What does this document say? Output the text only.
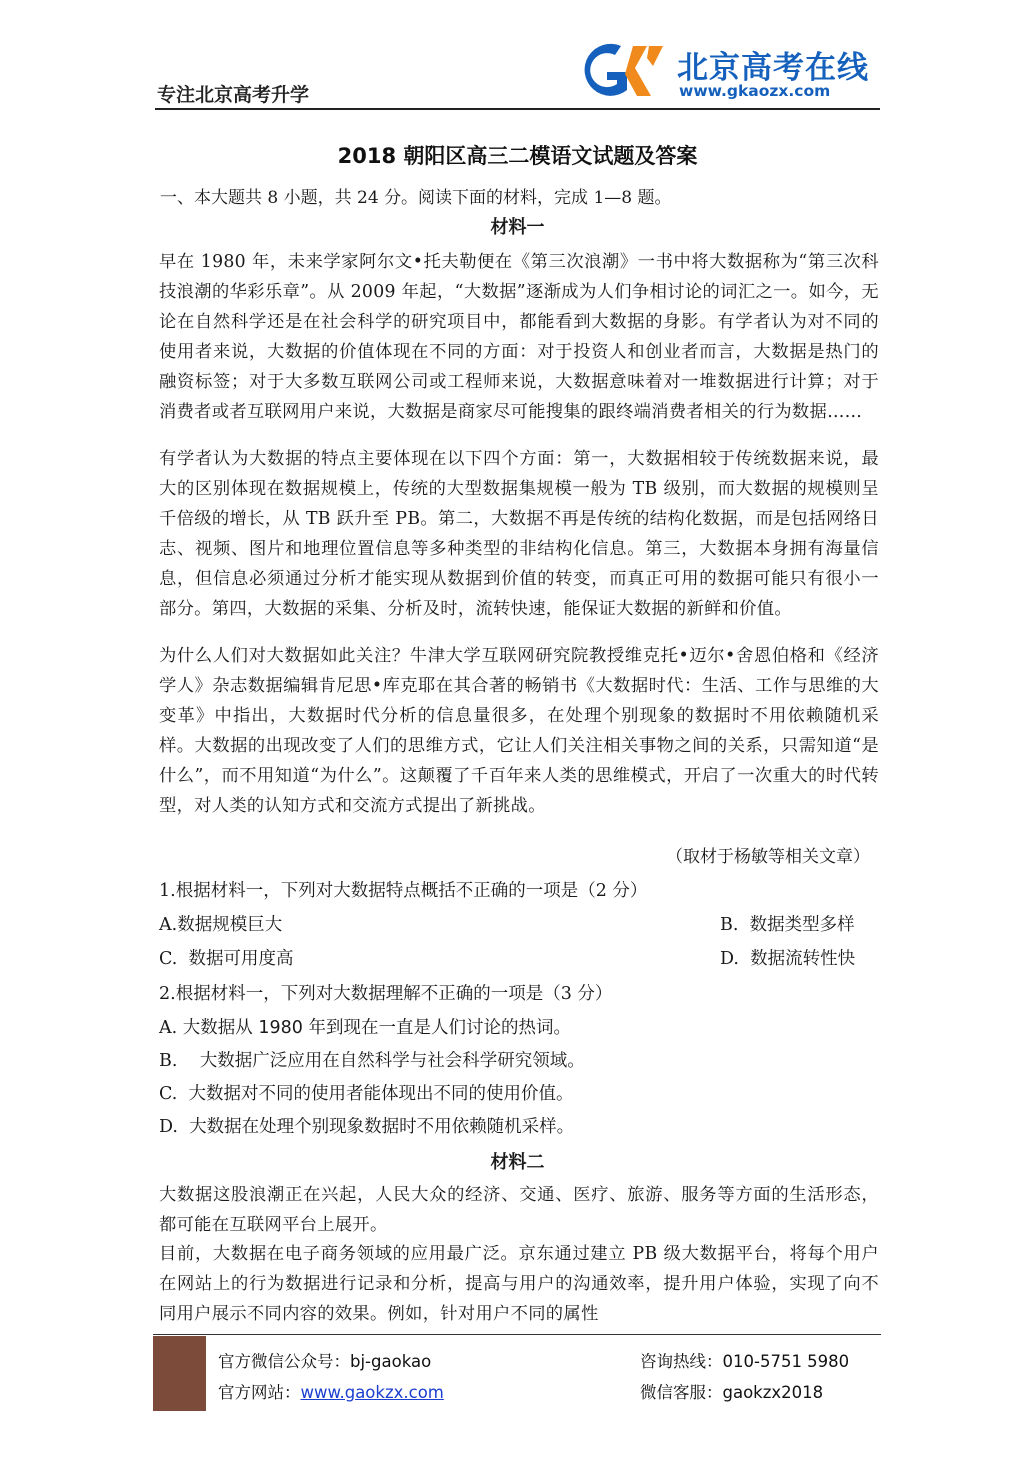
专注北京高考升学
北京高考在线
www.gkaozx.com
2018 朝阳区高三二模语文试题及答案
一、本大题共 8 小题，共 24 分。阅读下面的材料，完成 1—8 题。
材料一

早在 1980 年，未来学家阿尔文•托夫勒便在《第三次浪潮》一书中将大数据称为“第三次科技浪潮的华彩乐章”。从 2009 年起，“大数据”逐渐成为人们争相讨论的词汇之一。如今，无论在自然科学还是在社会科学的研究项目中，都能看到大数据的身影。有学者认为对不同的使用者来说，大数据的价值体现在不同的方面：对于投资人和创业者而言，大数据是热门的融资标签；对于大多数互联网公司或工程师来说，大数据意味着对一堆数据进行计算；对于消费者或者互联网用户来说，大数据是商家尽可能搜集的跟终端消费者相关的行为数据……

有学者认为大数据的特点主要体现在以下四个方面：第一，大数据相较于传统数据来说，最大的区别体现在数据规模上，传统的大型数据集规模一般为 TB 级别，而大数据的规模则呈千倍级的增长，从 TB 跃升至 PB。第二，大数据不再是传统的结构化数据，而是包括网络日志、视频、图片和地理位置信息等多种类型的非结构化信息。第三，大数据本身拥有海量信息，但信息必须通过分析才能实现从数据到价值的转变，而真正可用的数据可能只有很小一部分。第四，大数据的采集、分析及时，流转快速，能保证大数据的新鲜和价值。

为什么人们对大数据如此关注？牛津大学互联网研究院教授维克托•迈尔•舍恩伯格和《经济学人》杂志数据编辑肯尼思•库克耶在其合著的畅销书《大数据时代：生活、工作与思维的大变革》中指出，大数据时代分析的信息量很多，在处理个别现象的数据时不用依赖随机采样。大数据的出现改变了人们的思维方式，它让人们关注相关事物之间的关系，只需知道“是什么”，而不用知道“为什么”。这颠覆了千百年来人类的思维模式，开启了一次重大的时代转型，对人类的认知方式和交流方式提出了新挑战。

（取材于杨敏等相关文章）
1.根据材料一，下列对大数据特点概括不正确的一项是（2 分）
A.数据规模巨大	B. 数据类型多样
C. 数据可用度高	D. 数据流转性快
2.根据材料一，下列对大数据理解不正确的一项是（3 分）
A. 大数据从 1980 年到现在一直是人们讨论的热词。
B. 大数据广泛应用在自然科学与社会科学研究领域。
C. 大数据对不同的使用者能体现出不同的使用价值。
D. 大数据在处理个别现象数据时不用依赖随机采样。
材料二

大数据这股浪潮正在兴起，人民大众的经济、交通、医疗、旅游、服务等方面的生活形态，都可能在互联网平台上展开。

目前，大数据在电子商务领域的应用最广泛。京东通过建立 PB 级大数据平台，将每个用户在网站上的行为数据进行记录和分析，提高与用户的沟通效率，提升用户体验，实现了向不同用户展示不同内容的效果。例如，针对用户不同的属性

官方微信公众号：bj-gaokao
官方网站：www.gaokzx.com
咨询热线：010-5751 5980
微信客服：gaokzx2018
